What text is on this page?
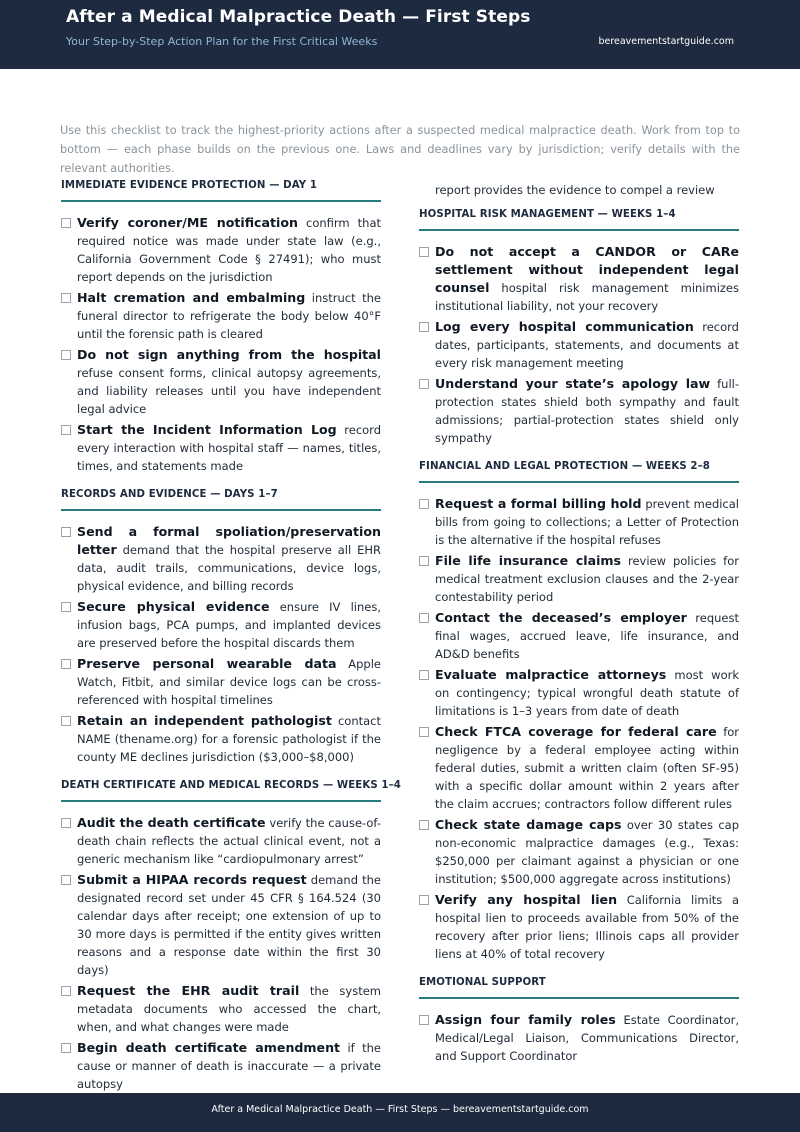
After a Medical Malpractice Death — First Steps
Your Step-by-Step Action Plan for the First Critical Weeks	bereavementstartguide.com
Use this checklist to track the highest-priority actions after a suspected medical malpractice death. Work from top to bottom — each phase builds on the previous one. Laws and deadlines vary by jurisdiction; verify details with the relevant authorities.
IMMEDIATE EVIDENCE PROTECTION — DAY 1
Verify coroner/ME notification confirm that required notice was made under state law (e.g., California Government Code § 27491); who must report depends on the jurisdiction
Halt cremation and embalming instruct the funeral director to refrigerate the body below 40°F until the forensic path is cleared
Do not sign anything from the hospital refuse consent forms, clinical autopsy agreements, and liability releases until you have independent legal advice
Start the Incident Information Log record every interaction with hospital staff — names, titles, times, and statements made
RECORDS AND EVIDENCE — DAYS 1–7
Send a formal spoliation/preservation letter demand that the hospital preserve all EHR data, audit trails, communications, device logs, physical evidence, and billing records
Secure physical evidence ensure IV lines, infusion bags, PCA pumps, and implanted devices are preserved before the hospital discards them
Preserve personal wearable data Apple Watch, Fitbit, and similar device logs can be cross-referenced with hospital timelines
Retain an independent pathologist contact NAME (thename.org) for a forensic pathologist if the county ME declines jurisdiction ($3,000–$8,000)
DEATH CERTIFICATE AND MEDICAL RECORDS — WEEKS 1–4
Audit the death certificate verify the cause-of-death chain reflects the actual clinical event, not a generic mechanism like “cardiopulmonary arrest”
Submit a HIPAA records request demand the designated record set under 45 CFR § 164.524 (30 calendar days after receipt; one extension of up to 30 more days is permitted if the entity gives written reasons and a response date within the first 30 days)
Request the EHR audit trail the system metadata documents who accessed the chart, when, and what changes were made
Begin death certificate amendment if the cause or manner of death is inaccurate — a private autopsy
report provides the evidence to compel a review
HOSPITAL RISK MANAGEMENT — WEEKS 1–4
Do not accept a CANDOR or CARe settlement without independent legal counsel hospital risk management minimizes institutional liability, not your recovery
Log every hospital communication record dates, participants, statements, and documents at every risk management meeting
Understand your state’s apology law full-protection states shield both sympathy and fault admissions; partial-protection states shield only sympathy
FINANCIAL AND LEGAL PROTECTION — WEEKS 2–8
Request a formal billing hold prevent medical bills from going to collections; a Letter of Protection is the alternative if the hospital refuses
File life insurance claims review policies for medical treatment exclusion clauses and the 2-year contestability period
Contact the deceased’s employer request final wages, accrued leave, life insurance, and AD&D benefits
Evaluate malpractice attorneys most work on contingency; typical wrongful death statute of limitations is 1–3 years from date of death
Check FTCA coverage for federal care for negligence by a federal employee acting within federal duties, submit a written claim (often SF-95) with a specific dollar amount within 2 years after the claim accrues; contractors follow different rules
Check state damage caps over 30 states cap non-economic malpractice damages (e.g., Texas: $250,000 per claimant against a physician or one institution; $500,000 aggregate across institutions)
Verify any hospital lien California limits a hospital lien to proceeds available from 50% of the recovery after prior liens; Illinois caps all provider liens at 40% of total recovery
EMOTIONAL SUPPORT
Assign four family roles Estate Coordinator, Medical/Legal Liaison, Communications Director, and Support Coordinator
After a Medical Malpractice Death — First Steps — bereavementstartguide.com
